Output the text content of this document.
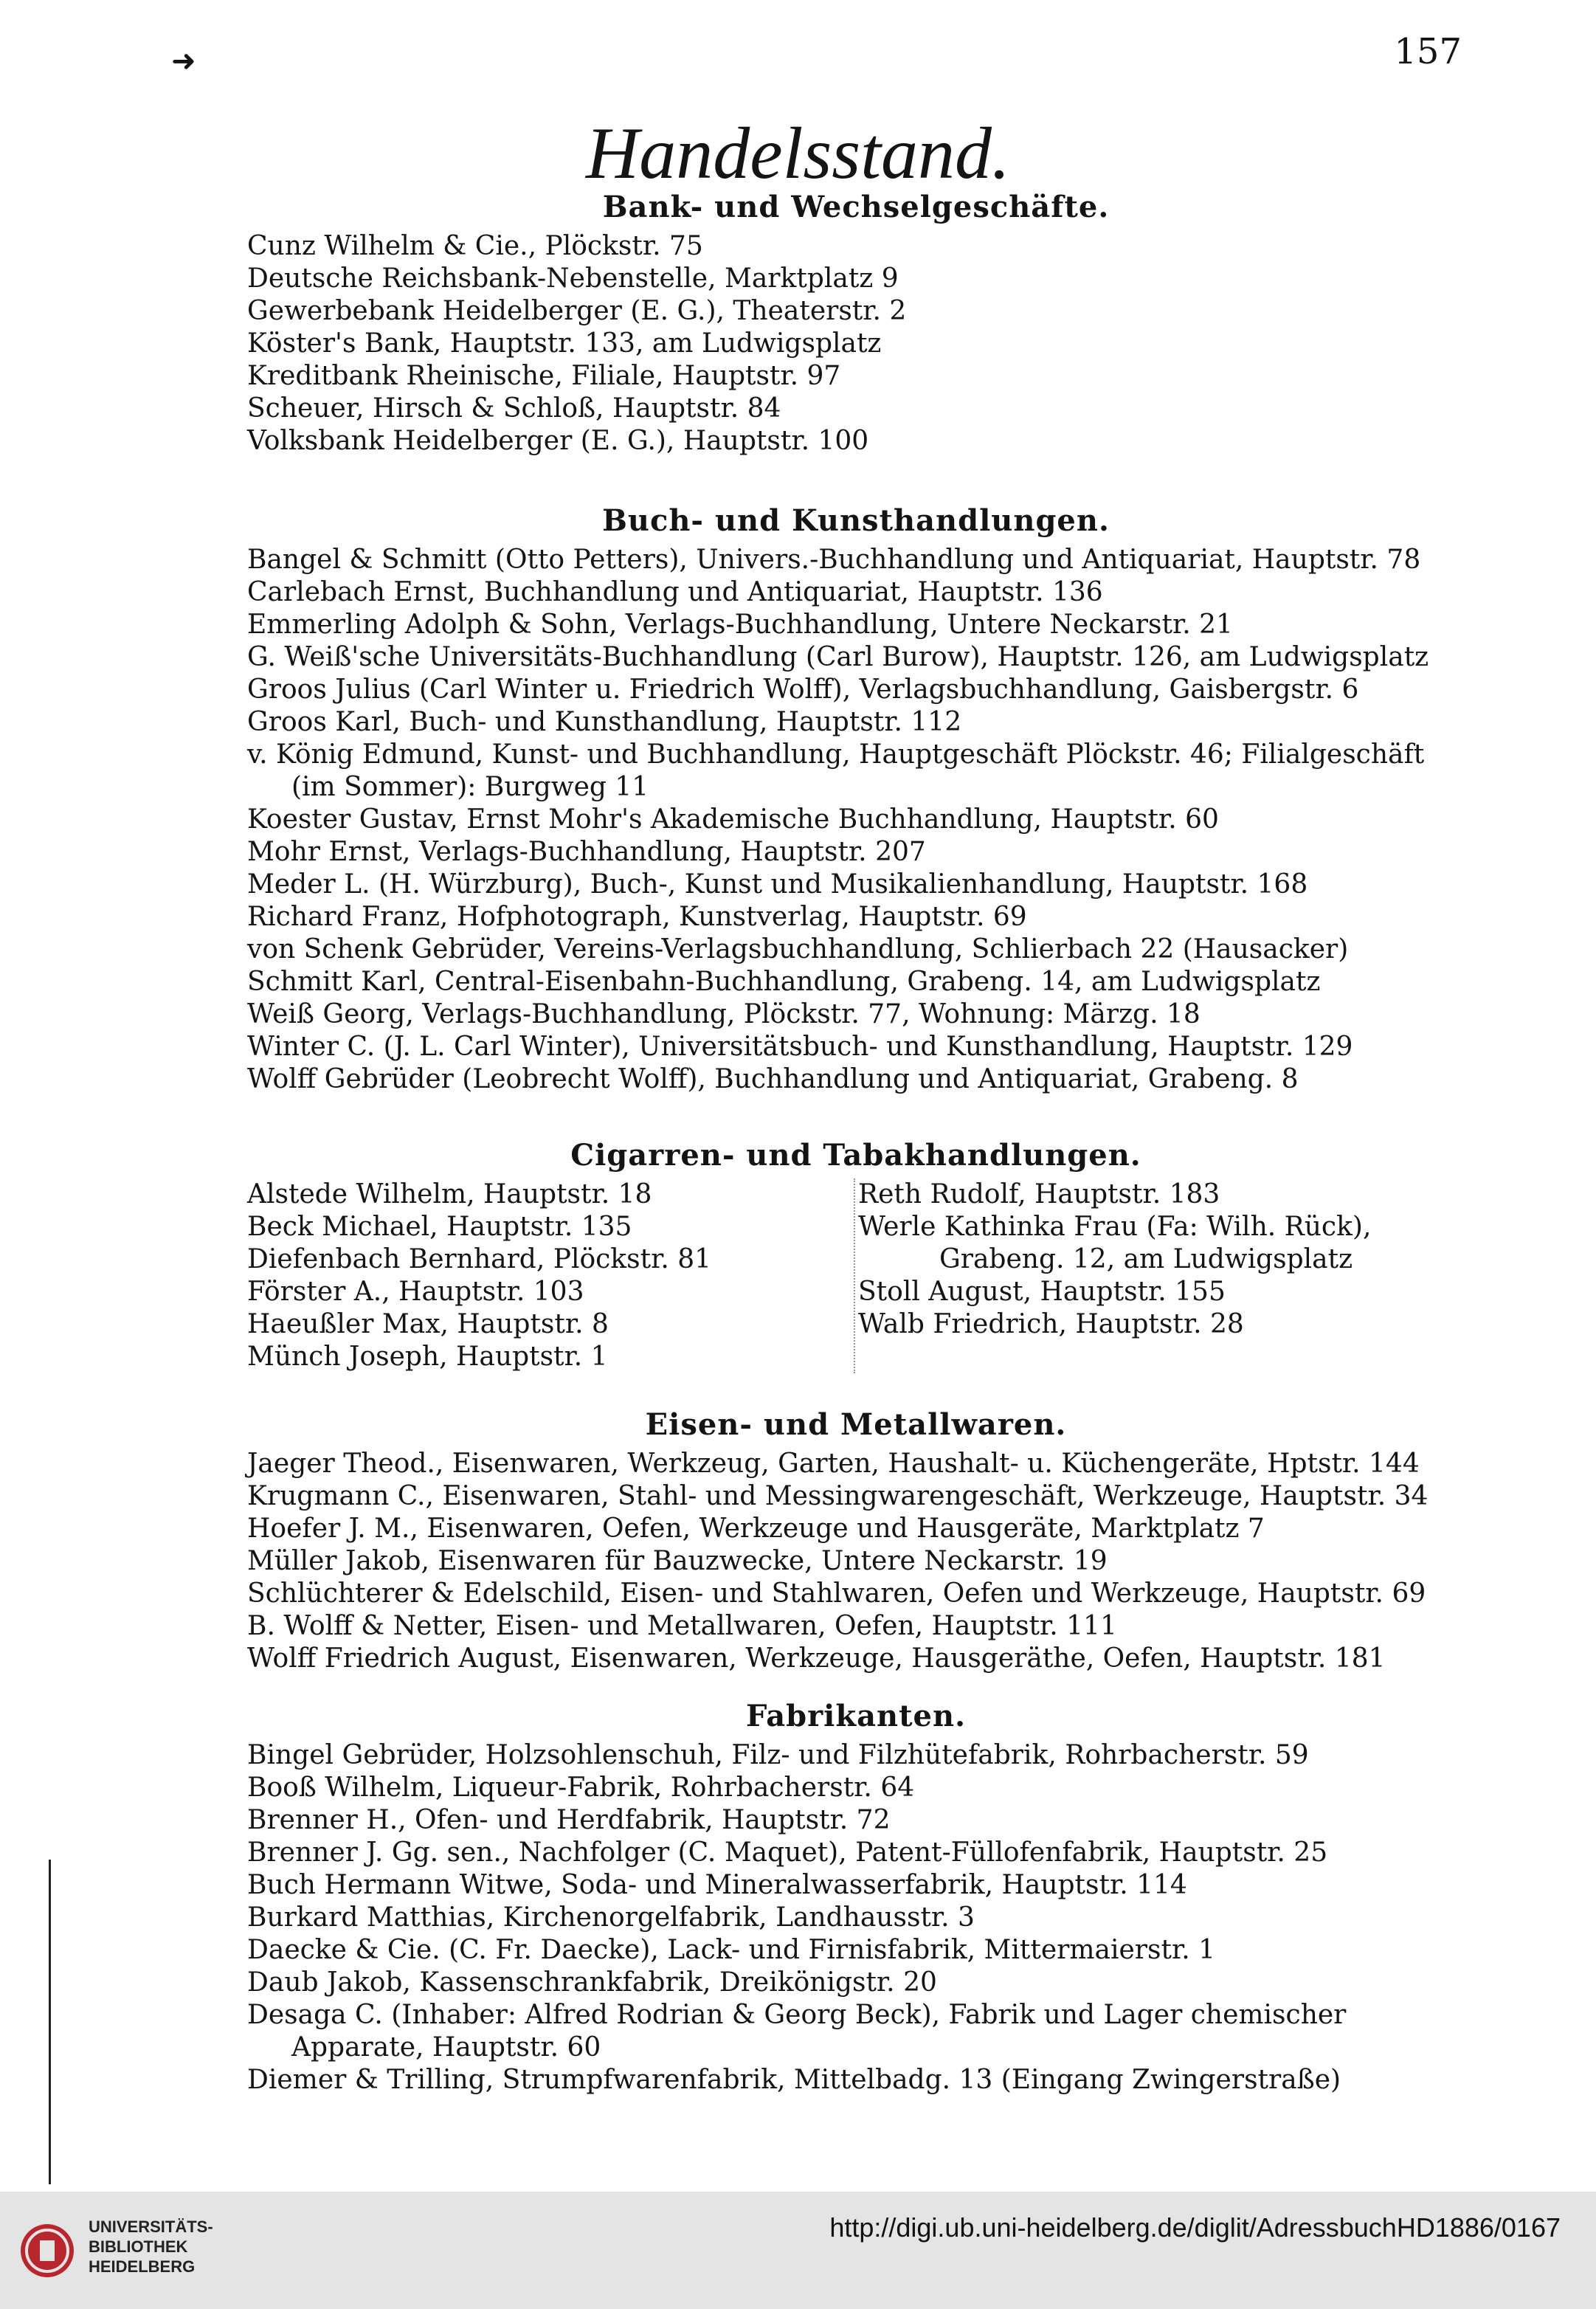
➜	157
Handelsstand.
Bank- und Wechselgeschäfte.
Cunz Wilhelm & Cie., Plöckstr. 75
Deutsche Reichsbank-Nebenstelle, Marktplatz 9
Gewerbebank Heidelberger (E. G.), Theaterstr. 2
Köster's Bank, Hauptstr. 133, am Ludwigsplatz
Kreditbank Rheinische, Filiale, Hauptstr. 97
Scheuer, Hirsch & Schloß, Hauptstr. 84
Volksbank Heidelberger (E. G.), Hauptstr. 100
Buch- und Kunsthandlungen.
Bangel & Schmitt (Otto Petters), Univers.-Buchhandlung und Antiquariat, Hauptstr. 78
Carlebach Ernst, Buchhandlung und Antiquariat, Hauptstr. 136
Emmerling Adolph & Sohn, Verlags-Buchhandlung, Untere Neckarstr. 21
G. Weiß'sche Universitäts-Buchhandlung (Carl Burow), Hauptstr. 126, am Ludwigsplatz
Groos Julius (Carl Winter u. Friedrich Wolff), Verlagsbuchhandlung, Gaisbergstr. 6
Groos Karl, Buch- und Kunsthandlung, Hauptstr. 112
v. König Edmund, Kunst- und Buchhandlung, Hauptgeschäft Plöckstr. 46; Filialgeschäft
(im Sommer): Burgweg 11
Koester Gustav, Ernst Mohr's Akademische Buchhandlung, Hauptstr. 60
Mohr Ernst, Verlags-Buchhandlung, Hauptstr. 207
Meder L. (H. Würzburg), Buch-, Kunst und Musikalienhandlung, Hauptstr. 168
Richard Franz, Hofphotograph, Kunstverlag, Hauptstr. 69
von Schenk Gebrüder, Vereins-Verlagsbuchhandlung, Schlierbach 22 (Hausacker)
Schmitt Karl, Central-Eisenbahn-Buchhandlung, Grabeng. 14, am Ludwigsplatz
Weiß Georg, Verlags-Buchhandlung, Plöckstr. 77, Wohnung: Märzg. 18
Winter C. (J. L. Carl Winter), Universitätsbuch- und Kunsthandlung, Hauptstr. 129
Wolff Gebrüder (Leobrecht Wolff), Buchhandlung und Antiquariat, Grabeng. 8
Cigarren- und Tabakhandlungen.
Alstede Wilhelm, Hauptstr. 18
Beck Michael, Hauptstr. 135
Diefenbach Bernhard, Plöckstr. 81
Förster A., Hauptstr. 103
Haeußler Max, Hauptstr. 8
Münch Joseph, Hauptstr. 1
Reth Rudolf, Hauptstr. 183
Werle Kathinka Frau (Fa: Wilh. Rück),
Grabeng. 12, am Ludwigsplatz
Stoll August, Hauptstr. 155
Walb Friedrich, Hauptstr. 28
Eisen- und Metallwaren.
Jaeger Theod., Eisenwaren, Werkzeug, Garten, Haushalt- u. Küchengeräte, Hptstr. 144
Krugmann C., Eisenwaren, Stahl- und Messingwarengeschäft, Werkzeuge, Hauptstr. 34
Hoefer J. M., Eisenwaren, Oefen, Werkzeuge und Hausgeräte, Marktplatz 7
Müller Jakob, Eisenwaren für Bauzwecke, Untere Neckarstr. 19
Schlüchterer & Edelschild, Eisen- und Stahlwaren, Oefen und Werkzeuge, Hauptstr. 69
B. Wolff & Netter, Eisen- und Metallwaren, Oefen, Hauptstr. 111
Wolff Friedrich August, Eisenwaren, Werkzeuge, Hausgeräthe, Oefen, Hauptstr. 181
Fabrikanten.
Bingel Gebrüder, Holzsohlenschuh, Filz- und Filzhütefabrik, Rohrbacherstr. 59
Booß Wilhelm, Liqueur-Fabrik, Rohrbacherstr. 64
Brenner H., Ofen- und Herdfabrik, Hauptstr. 72
Brenner J. Gg. sen., Nachfolger (C. Maquet), Patent-Füllofenfabrik, Hauptstr. 25
Buch Hermann Witwe, Soda- und Mineralwasserfabrik, Hauptstr. 114
Burkard Matthias, Kirchenorgelfabrik, Landhausstr. 3
Daecke & Cie. (C. Fr. Daecke), Lack- und Firnisfabrik, Mittermaierstr. 1
Daub Jakob, Kassenschrankfabrik, Dreikönigstr. 20
Desaga C. (Inhaber: Alfred Rodrian & Georg Beck), Fabrik und Lager chemischer
Apparate, Hauptstr. 60
Diemer & Trilling, Strumpfwarenfabrik, Mittelbadg. 13 (Eingang Zwingerstraße)
UNIVERSITÄTS-
BIBLIOTHEK
HEIDELBERG
http://digi.ub.uni-heidelberg.de/diglit/AdressbuchHD1886/0167
